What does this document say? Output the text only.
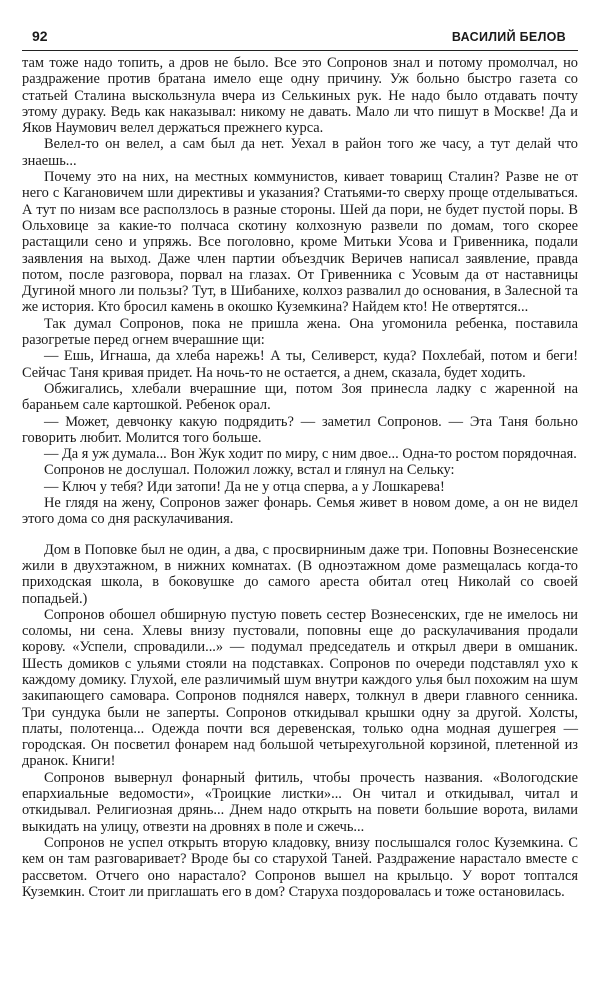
92	ВАСИЛИЙ БЕЛОВ

там тоже надо топить, а дров не было. Все это Сопронов знал и потому промолчал, но раздражение против братана имело еще одну причину. Уж больно быстро газета со статьей Сталина выскользнула вчера из Селькиных рук. Не надо было отдавать почту этому дураку. Ведь как наказывал: никому не давать. Мало ли что пишут в Москве! Да и Яков Наумович велел держаться прежнего курса.

Велел-то он велел, а сам был да нет. Уехал в район того же часу, а тут делай что знаешь...

Почему это на них, на местных коммунистов, кивает товарищ Сталин? Разве не от него с Кагановичем шли директивы и указания? Статьями-то сверху проще отделываться. А тут по низам все расползлось в разные стороны. Шей да пори, не будет пустой поры. В Ольховице за какие-то полчаса скотину колхозную развели по домам, того скорее растащили сено и упряжь. Все поголовно, кроме Митьки Усова и Гривенника, подали заявления на выход. Даже член партии объездчик Веричев написал заявление, правда потом, после разговора, порвал на глазах. От Гривенника с Усовым да от наставницы Дугиной много ли пользы? Тут, в Шибанихе, колхоз развалил до основания, в Залесной та же история. Кто бросил камень в окошко Куземкина? Найдем кто! Не отвертятся...

Так думал Сопронов, пока не пришла жена. Она угомонила ребенка, поставила разогретые перед огнем вчерашние щи:

— Ешь, Игнаша, да хлеба нарежь! А ты, Селиверст, куда? Похлебай, потом и беги! Сейчас Таня кривая придет. На ночь-то не остается, а днем, сказала, будет ходить.

Обжигались, хлебали вчерашние щи, потом Зоя принесла ладку с жаренной на бараньем сале картошкой. Ребенок орал.

— Может, девчонку какую подрядить? — заметил Сопронов. — Эта Таня больно говорить любит. Молится того больше.

— Да я уж думала... Вон Жук ходит по миру, с ним двое... Одна-то ростом порядочная.

Сопронов не дослушал. Положил ложку, встал и глянул на Сельку:

— Ключ у тебя? Иди затопи! Да не у отца сперва, а у Лошкарева!

Не глядя на жену, Сопронов зажег фонарь. Семья живет в новом доме, а он не видел этого дома со дня раскулачивания.

Дом в Поповке был не один, а два, с просвирниным даже три. Поповны Вознесенские жили в двухэтажном, в нижних комнатах. (В одноэтажном доме размещалась когда-то приходская школа, в боковушке до самого ареста обитал отец Николай со своей попадьей.)

Сопронов обошел обширную пустую поветь сестер Вознесенских, где не имелось ни соломы, ни сена. Хлевы внизу пустовали, поповны еще до раскулачивания продали корову. «Успели, спровадили...» — подумал председатель и открыл двери в омшаник. Шесть домиков с ульями стояли на подставках. Сопронов по очереди подставлял ухо к каждому домику. Глухой, еле различимый шум внутри каждого улья был похожим на шум закипающего самовара. Сопронов поднялся наверх, толкнул в двери главного сенника. Три сундука были не заперты. Сопронов откидывал крышки одну за другой. Холсты, платы, полотенца... Одежда почти вся деревенская, только одна модная душегрея — городская. Он посветил фонарем над большой четырехугольной корзиной, плетенной из дранок. Книги!

Сопронов вывернул фонарный фитиль, чтобы прочесть названия. «Вологодские епархиальные ведомости», «Троицкие листки»... Он читал и откидывал, читал и откидывал. Религиозная дрянь... Днем надо открыть на повети большие ворота, вилами выкидать на улицу, отвезти на дровнях в поле и сжечь...

Сопронов не успел открыть вторую кладовку, внизу послышался голос Куземкина. С кем он там разговаривает? Вроде бы со старухой Таней. Раздражение нарастало вместе с рассветом. Отчего оно нарастало? Сопронов вышел на крыльцо. У ворот топтался Куземкин. Стоит ли приглашать его в дом? Старуха поздоровалась и тоже остановилась.
